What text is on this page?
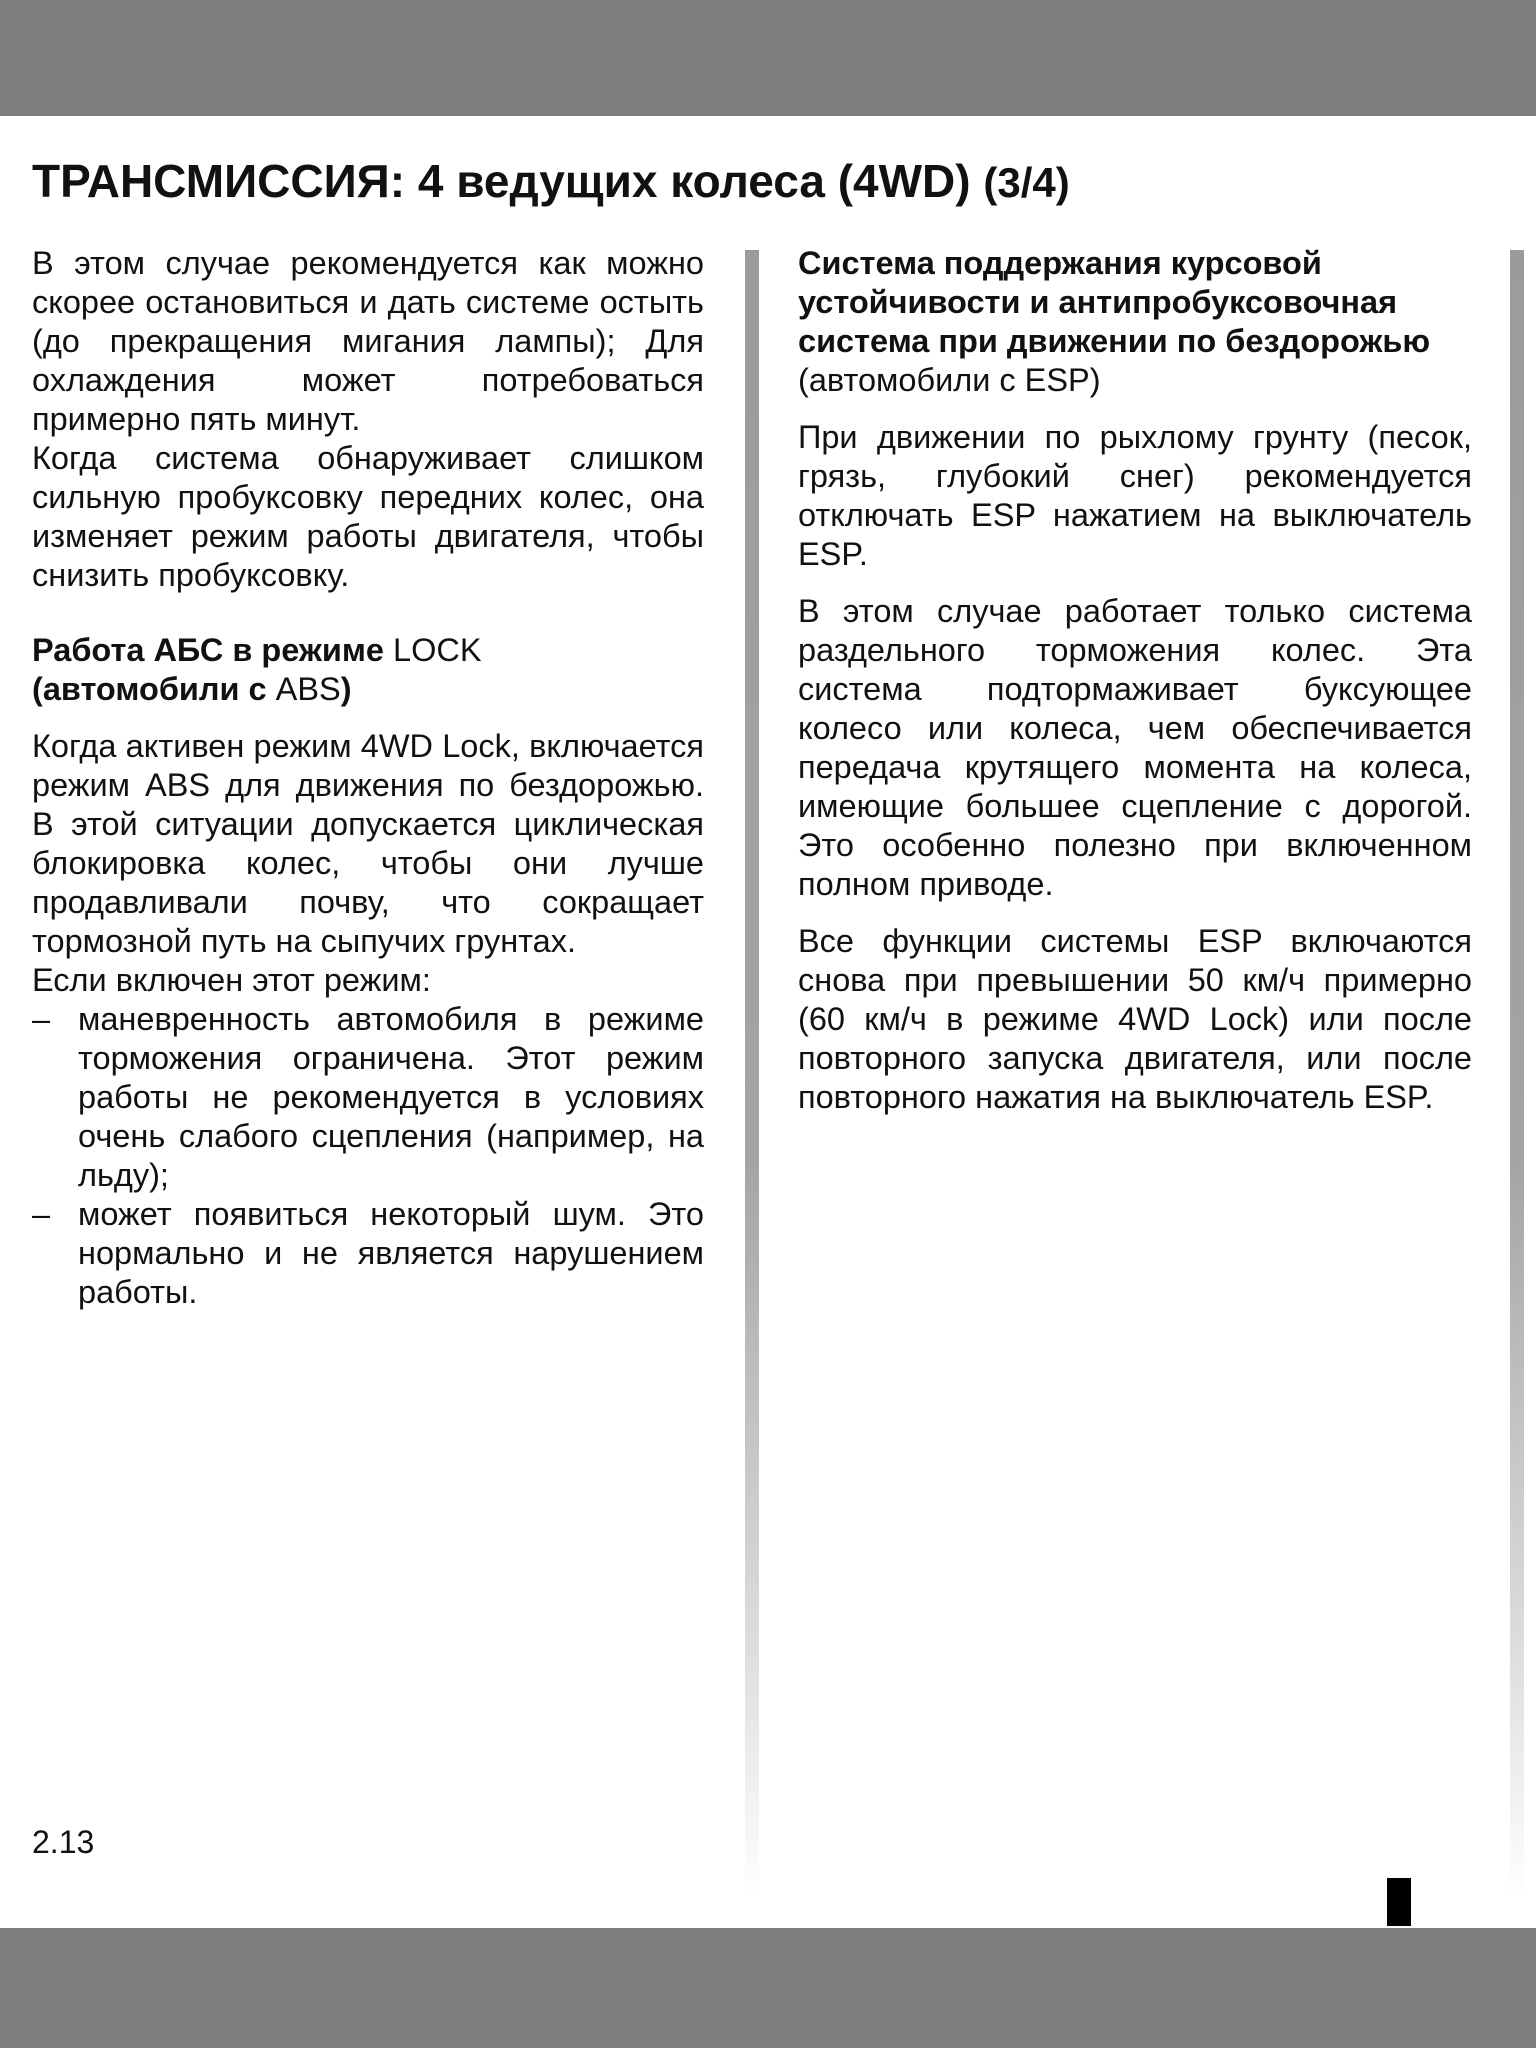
ТРАНСМИССИЯ: 4 ведущих колеса (4WD) (3/4)

В этом случае рекомендуется как можно скорее остановиться и дать системе остыть (до прекращения мигания лампы); Для охлаждения может потребоваться примерно пять минут.

Когда система обнаруживает слишком сильную пробуксовку передних колес, она изменяет режим работы двигателя, чтобы снизить пробуксовку.

Работа АБС в режиме LOCK
(автомобили с ABS)

Когда активен режим 4WD Lock, включается режим ABS для движения по бездорожью. В этой ситуации допускается циклическая блокировка колес, чтобы они лучше продавливали почву, что сокращает тормозной путь на сыпучих грунтах.

Если включен этот режим:

– маневренность автомобиля в режиме торможения ограничена. Этот режим работы не рекомендуется в условиях очень слабого сцепления (например, на льду);

– может появиться некоторый шум. Это нормально и не является нарушением работы.

Система поддержания курсовой устойчивости и антипробуксовочная система при движении по бездорожью

(автомобили с ESP)

При движении по рыхлому грунту (песок, грязь, глубокий снег) рекомендуется отключать ESP нажатием на выключатель ESP.

В этом случае работает только система раздельного торможения колес. Эта система подтормаживает буксующее колесо или колеса, чем обеспечивается передача крутящего момента на колеса, имеющие большее сцепление с дорогой. Это особенно полезно при включенном полном приводе.

Все функции системы ESP включаются снова при превышении 50 км/ч примерно (60 км/ч в режиме 4WD Lock) или после повторного запуска двигателя, или после повторного нажатия на выключатель ESP.

2.13
